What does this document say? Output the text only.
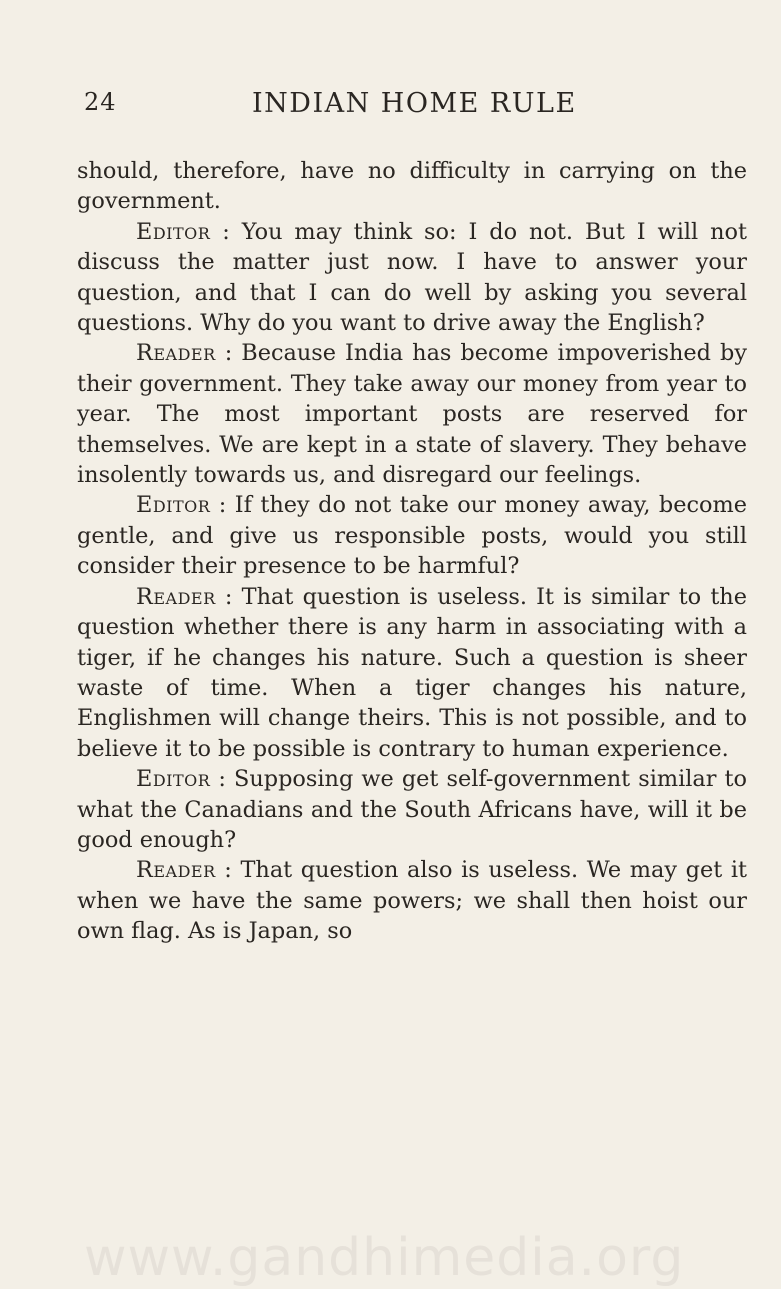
24	INDIAN HOME RULE

should, therefore, have no difficulty in carrying on the government.

Editor : You may think so: I do not. But I will not discuss the matter just now. I have to answer your question, and that I can do well by asking you several questions. Why do you want to drive away the English?

Reader : Because India has become impoverished by their government. They take away our money from year to year. The most important posts are reserved for themselves. We are kept in a state of slavery. They behave insolently towards us, and disregard our feelings.

Editor : If they do not take our money away, become gentle, and give us responsible posts, would you still consider their presence to be harmful?

Reader : That question is useless. It is similar to the question whether there is any harm in associating with a tiger, if he changes his nature. Such a question is sheer waste of time. When a tiger changes his nature, Englishmen will change theirs. This is not possible, and to believe it to be possible is contrary to human experience.

Editor : Supposing we get self-government similar to what the Canadians and the South Africans have, will it be good enough?

Reader : That question also is useless. We may get it when we have the same powers; we shall then hoist our own flag. As is Japan, so

www.gandhimedia.org
